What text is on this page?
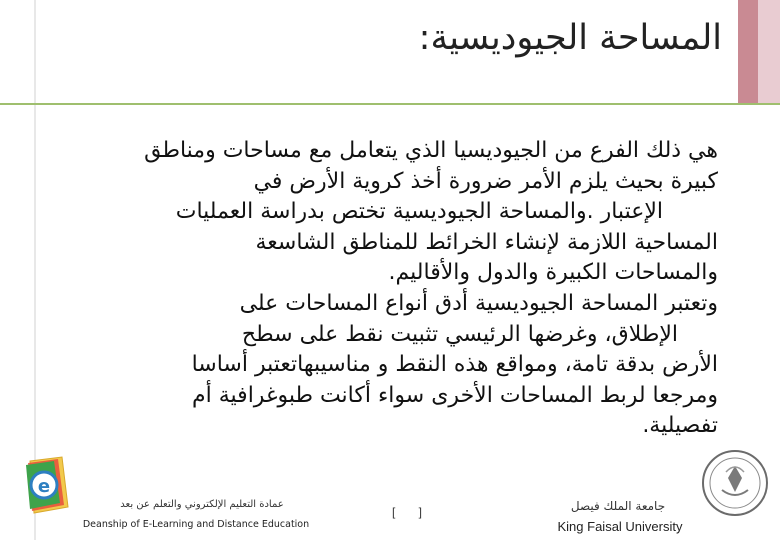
المساحة الجيوديسية:
هي ذلك الفرع من الجيوديسيا الذي يتعامل مع مساحات ومناطق
كبيرة بحيث يلزم الأمر ضرورة أخذ كروية الأرض في
الإعتبار .والمساحة الجيوديسية تختص بدراسة العمليات
المساحية اللازمة لإنشاء الخرائط للمناطق الشاسعة
والمساحات الكبيرة والدول والأقاليم.
وتعتبر المساحة الجيوديسية أدق أنواع المساحات على
الإطلاق، وغرضها الرئيسي تثبيت نقط على سطح
الأرض بدقة تامة، ومواقع هذه النقط و مناسيبهاتعتبر أساسا
ومرجعا لربط المساحات الأخرى سواء أكانت طبوغرافية أم
تفصيلية.
e
عمادة التعليم الإلكتروني والتعلم عن بعد
Deanship of E-Learning and Distance Education
[       ]	جامعة الملك فيصل
King Faisal University
